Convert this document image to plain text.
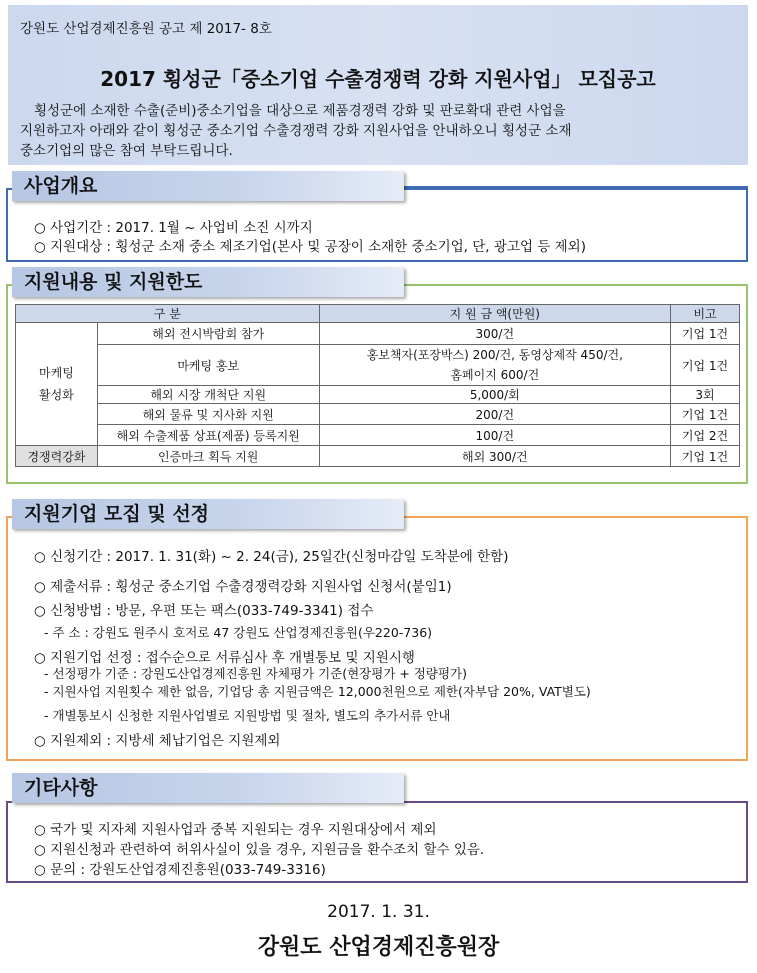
강원도 산업경제진흥원 공고 제 2017- 8호
2017 횡성군「중소기업 수출경쟁력 강화 지원사업」 모집공고
횡성군에 소재한 수출(준비)중소기업을 대상으로 제품경쟁력 강화 및 판로확대 관련 사업을
지원하고자 아래와 같이 횡성군 중소기업 수출경쟁력 강화 지원사업을 안내하오니 횡성군 소재
중소기업의 많은 참여 부탁드립니다.
사업개요
○ 사업기간 : 2017. 1월 ~ 사업비 소진 시까지
○ 지원대상 : 횡성군 소재 중소 제조기업(본사 및 공장이 소재한 중소기업, 단, 광고업 등 제외)
지원내용 및 지원한도
구 분		지 원 금 액(만원)	비고

마케팅
활성화	해외 전시박람회 참가	300/건	기업 1건
	마케팅 홍보	홍보책자(포장박스) 200/건, 동영상제작 450/건,
홈페이지 600/건	기업 1건
	해외 시장 개척단 지원	5,000/회	3회
	해외 물류 및 지사화 지원	200/건	기업 1건
	해외 수출제품 상표(제품) 등록지원	100/건	기업 2건
경쟁력강화	인증마크 획득 지원	해외 300/건	기업 1건
지원기업 모집 및 선정
○ 신청기간 : 2017. 1. 31(화) ~ 2. 24(금), 25일간(신청마감일 도착분에 한함)
○ 제출서류 : 횡성군 중소기업 수출경쟁력강화 지원사업 신청서(붙임1)
○ 신청방법 : 방문, 우편 또는 팩스(033-749-3341) 접수
- 주 소 : 강원도 원주시 호저로 47 강원도 산업경제진흥원(우220-736)
○ 지원기업 선정 : 접수순으로 서류심사 후 개별통보 및 지원시행
- 선정평가 기준 : 강원도산업경제진흥원 자체평가 기준(현장평가 + 정량평가)
- 지원사업 지원횟수 제한 없음, 기업당 총 지원금액은 12,000천원으로 제한(자부담 20%, VAT별도)
- 개별통보시 신청한 지원사업별로 지원방법 및 절차, 별도의 추가서류 안내
○ 지원제외 : 지방세 체납기업은 지원제외
기타사항
○ 국가 및 지자체 지원사업과 중복 지원되는 경우 지원대상에서 제외
○ 지원신청과 관련하여 허위사실이 있을 경우, 지원금을 환수조치 할수 있음.
○ 문의 : 강원도산업경제진흥원(033-749-3316)
2017. 1. 31.
강원도 산업경제진흥원장
